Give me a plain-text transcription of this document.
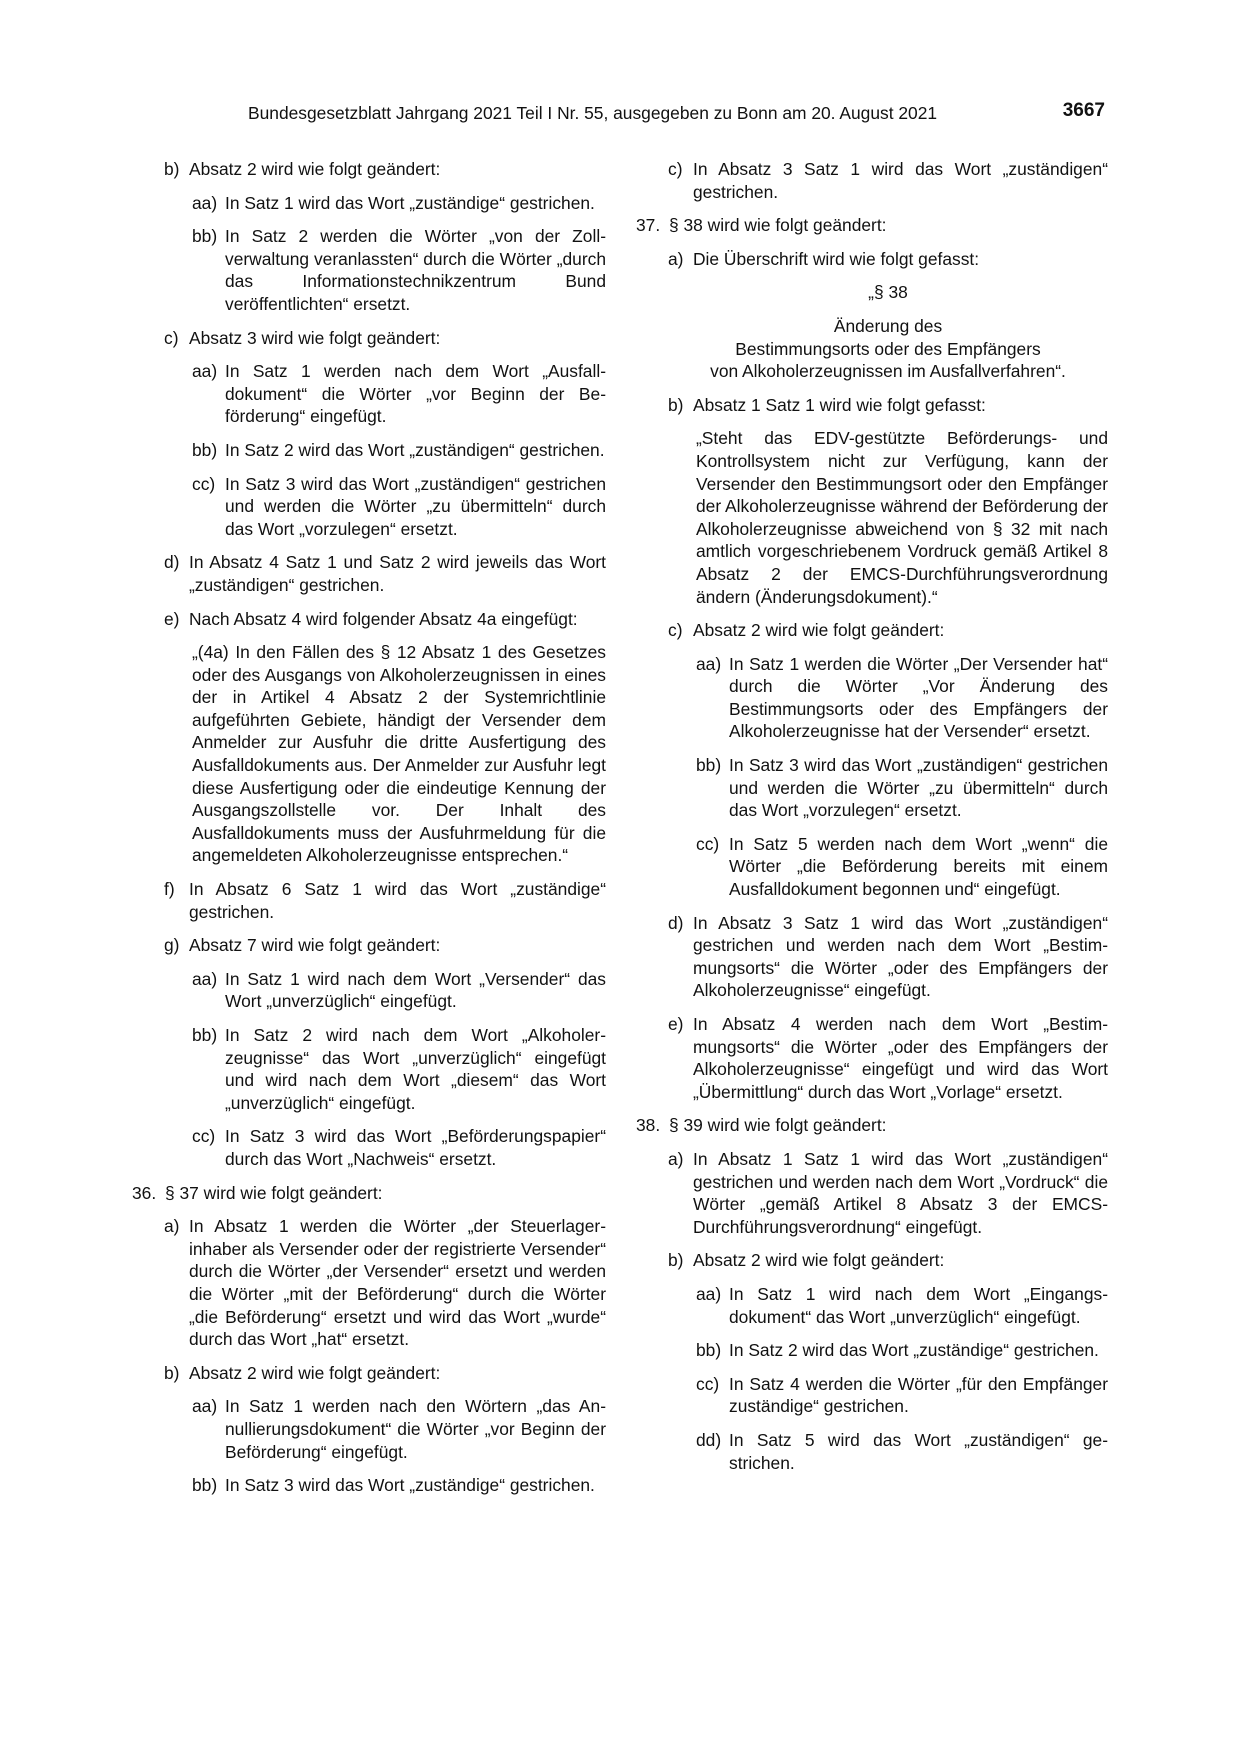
Bundesgesetzblatt Jahrgang 2021 Teil I Nr. 55, ausgegeben zu Bonn am 20. August 2021	3667
b) Absatz 2 wird wie folgt geändert:
aa) In Satz 1 wird das Wort „zuständige“ gestrichen.
bb) In Satz 2 werden die Wörter „von der Zollverwaltung veranlassten“ durch die Wörter „durch das Informationstechnikzentrum Bund veröffentlichten“ ersetzt.
c) Absatz 3 wird wie folgt geändert:
aa) In Satz 1 werden nach dem Wort „Ausfalldokument“ die Wörter „vor Beginn der Beförderung“ eingefügt.
bb) In Satz 2 wird das Wort „zuständigen“ gestrichen.
cc) In Satz 3 wird das Wort „zuständigen“ gestrichen und werden die Wörter „zu übermitteln“ durch das Wort „vorzulegen“ ersetzt.
d) In Absatz 4 Satz 1 und Satz 2 wird jeweils das Wort „zuständigen“ gestrichen.
e) Nach Absatz 4 wird folgender Absatz 4a eingefügt:

„(4a) In den Fällen des § 12 Absatz 1 des Gesetzes oder des Ausgangs von Alkoholerzeugnissen in eines der in Artikel 4 Absatz 2 der Systemrichtlinie aufgeführten Gebiete, händigt der Versender dem Anmelder zur Ausfuhr die dritte Ausfertigung des Ausfalldokuments aus. Der Anmelder zur Ausfuhr legt diese Ausfertigung oder die eindeutige Kennung der Ausgangszollstelle vor. Der Inhalt des Ausfalldokuments muss der Ausfuhrmeldung für die angemeldeten Alkoholerzeugnisse entsprechen.“

f) In Absatz 6 Satz 1 wird das Wort „zuständige“ gestrichen.
g) Absatz 7 wird wie folgt geändert:
aa) In Satz 1 wird nach dem Wort „Versender“ das Wort „unverzüglich“ eingefügt.
bb) In Satz 2 wird nach dem Wort „Alkoholerzeugnisse“ das Wort „unverzüglich“ eingefügt und wird nach dem Wort „diesem“ das Wort „unverzüglich“ eingefügt.
cc) In Satz 3 wird das Wort „Beförderungspapier“ durch das Wort „Nachweis“ ersetzt.
36. § 37 wird wie folgt geändert:
a) In Absatz 1 werden die Wörter „der Steuerlagerinhaber als Versender oder der registrierte Versender“ durch die Wörter „der Versender“ ersetzt und werden die Wörter „mit der Beförderung“ durch die Wörter „die Beförderung“ ersetzt und wird das Wort „wurde“ durch das Wort „hat“ ersetzt.
b) Absatz 2 wird wie folgt geändert:
aa) In Satz 1 werden nach den Wörtern „das Annullierungsdokument“ die Wörter „vor Beginn der Beförderung“ eingefügt.
bb) In Satz 3 wird das Wort „zuständige“ gestrichen.
c) In Absatz 3 Satz 1 wird das Wort „zuständigen“ gestrichen.
37. § 38 wird wie folgt geändert:
a) Die Überschrift wird wie folgt gefasst:
„§ 38
Änderung des
Bestimmungsorts oder des Empfängers
von Alkoholerzeugnissen im Ausfallverfahren“.
b) Absatz 1 Satz 1 wird wie folgt gefasst:

„Steht das EDV-gestützte Beförderungs- und Kontrollsystem nicht zur Verfügung, kann der Versender den Bestimmungsort oder den Empfänger der Alkoholerzeugnisse während der Beförderung der Alkoholerzeugnisse abweichend von § 32 mit nach amtlich vorgeschriebenem Vordruck gemäß Artikel 8 Absatz 2 der EMCS-Durchführungsverordnung ändern (Änderungsdokument).“

c) Absatz 2 wird wie folgt geändert:
aa) In Satz 1 werden die Wörter „Der Versender hat“ durch die Wörter „Vor Änderung des Bestimmungsorts oder des Empfängers der Alkoholerzeugnisse hat der Versender“ ersetzt.
bb) In Satz 3 wird das Wort „zuständigen“ gestrichen und werden die Wörter „zu übermitteln“ durch das Wort „vorzulegen“ ersetzt.
cc) In Satz 5 werden nach dem Wort „wenn“ die Wörter „die Beförderung bereits mit einem Ausfalldokument begonnen und“ eingefügt.
d) In Absatz 3 Satz 1 wird das Wort „zuständigen“ gestrichen und werden nach dem Wort „Bestimmungsorts“ die Wörter „oder des Empfängers der Alkoholerzeugnisse“ eingefügt.
e) In Absatz 4 werden nach dem Wort „Bestimmungsorts“ die Wörter „oder des Empfängers der Alkoholerzeugnisse“ eingefügt und wird das Wort „Übermittlung“ durch das Wort „Vorlage“ ersetzt.
38. § 39 wird wie folgt geändert:
a) In Absatz 1 Satz 1 wird das Wort „zuständigen“ gestrichen und werden nach dem Wort „Vordruck“ die Wörter „gemäß Artikel 8 Absatz 3 der EMCS-Durchführungsverordnung“ eingefügt.
b) Absatz 2 wird wie folgt geändert:
aa) In Satz 1 wird nach dem Wort „Eingangsdokument“ das Wort „unverzüglich“ eingefügt.
bb) In Satz 2 wird das Wort „zuständige“ gestrichen.
cc) In Satz 4 werden die Wörter „für den Empfänger zuständige“ gestrichen.
dd) In Satz 5 wird das Wort „zuständigen“ gestrichen.
